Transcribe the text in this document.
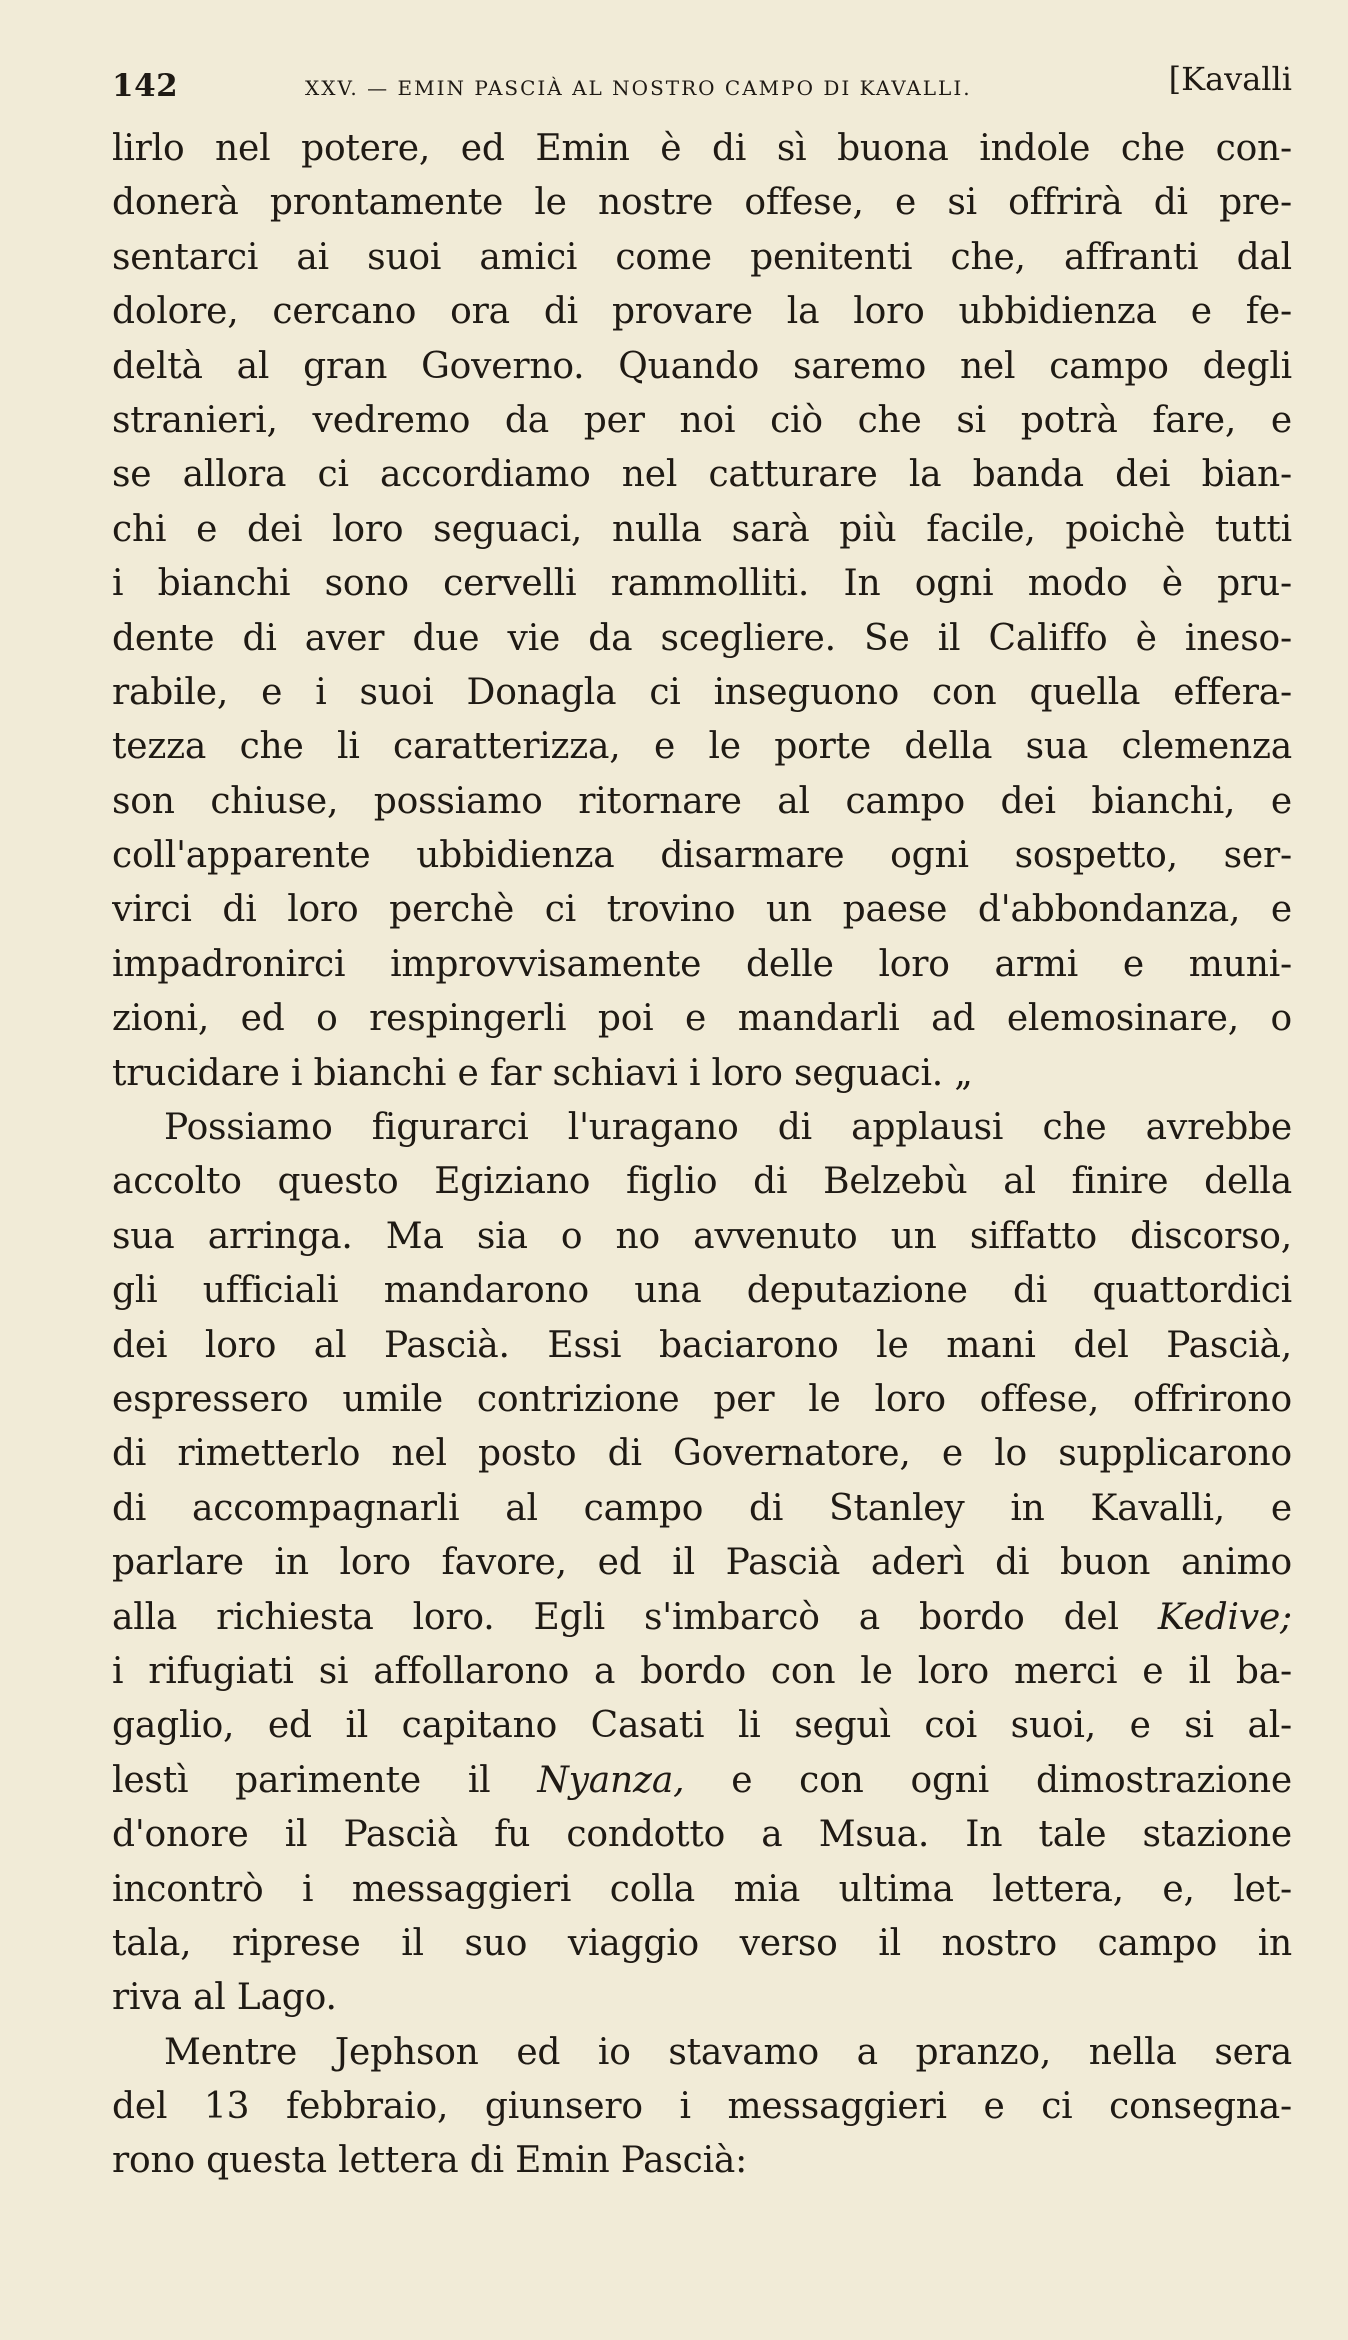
142	XXV. — EMIN PASCIÀ AL NOSTRO CAMPO DI KAVALLI.	[Kavalli
lirlo nel potere, ed Emin è di sì buona indole che con-
donerà prontamente le nostre offese, e si offrirà di pre-
sentarci ai suoi amici come penitenti che, affranti dal
dolore, cercano ora di provare la loro ubbidienza e fe-
deltà al gran Governo. Quando saremo nel campo degli
stranieri, vedremo da per noi ciò che si potrà fare, e
se allora ci accordiamo nel catturare la banda dei bian-
chi e dei loro seguaci, nulla sarà più facile, poichè tutti
i bianchi sono cervelli rammolliti. In ogni modo è pru-
dente di aver due vie da scegliere. Se il Califfo è ineso-
rabile, e i suoi Donagla ci inseguono con quella effera-
tezza che li caratterizza, e le porte della sua clemenza
son chiuse, possiamo ritornare al campo dei bianchi, e
coll'apparente ubbidienza disarmare ogni sospetto, ser-
virci di loro perchè ci trovino un paese d'abbondanza, e
impadronirci improvvisamente delle loro armi e muni-
zioni, ed o respingerli poi e mandarli ad elemosinare, o
trucidare i bianchi e far schiavi i loro seguaci. „
Possiamo figurarci l'uragano di applausi che avrebbe
accolto questo Egiziano figlio di Belzebù al finire della
sua arringa. Ma sia o no avvenuto un siffatto discorso,
gli ufficiali mandarono una deputazione di quattordici
dei loro al Pascià. Essi baciarono le mani del Pascià,
espressero umile contrizione per le loro offese, offrirono
di rimetterlo nel posto di Governatore, e lo supplicarono
di accompagnarli al campo di Stanley in Kavalli, e
parlare in loro favore, ed il Pascià aderì di buon animo
alla richiesta loro. Egli s'imbarcò a bordo del Kedive;
i rifugiati si affollarono a bordo con le loro merci e il ba-
gaglio, ed il capitano Casati li seguì coi suoi, e si al-
lestì parimente il Nyanza, e con ogni dimostrazione
d'onore il Pascià fu condotto a Msua. In tale stazione
incontrò i messaggieri colla mia ultima lettera, e, let-
tala, riprese il suo viaggio verso il nostro campo in
riva al Lago.
Mentre Jephson ed io stavamo a pranzo, nella sera
del 13 febbraio, giunsero i messaggieri e ci consegna-
rono questa lettera di Emin Pascià:
